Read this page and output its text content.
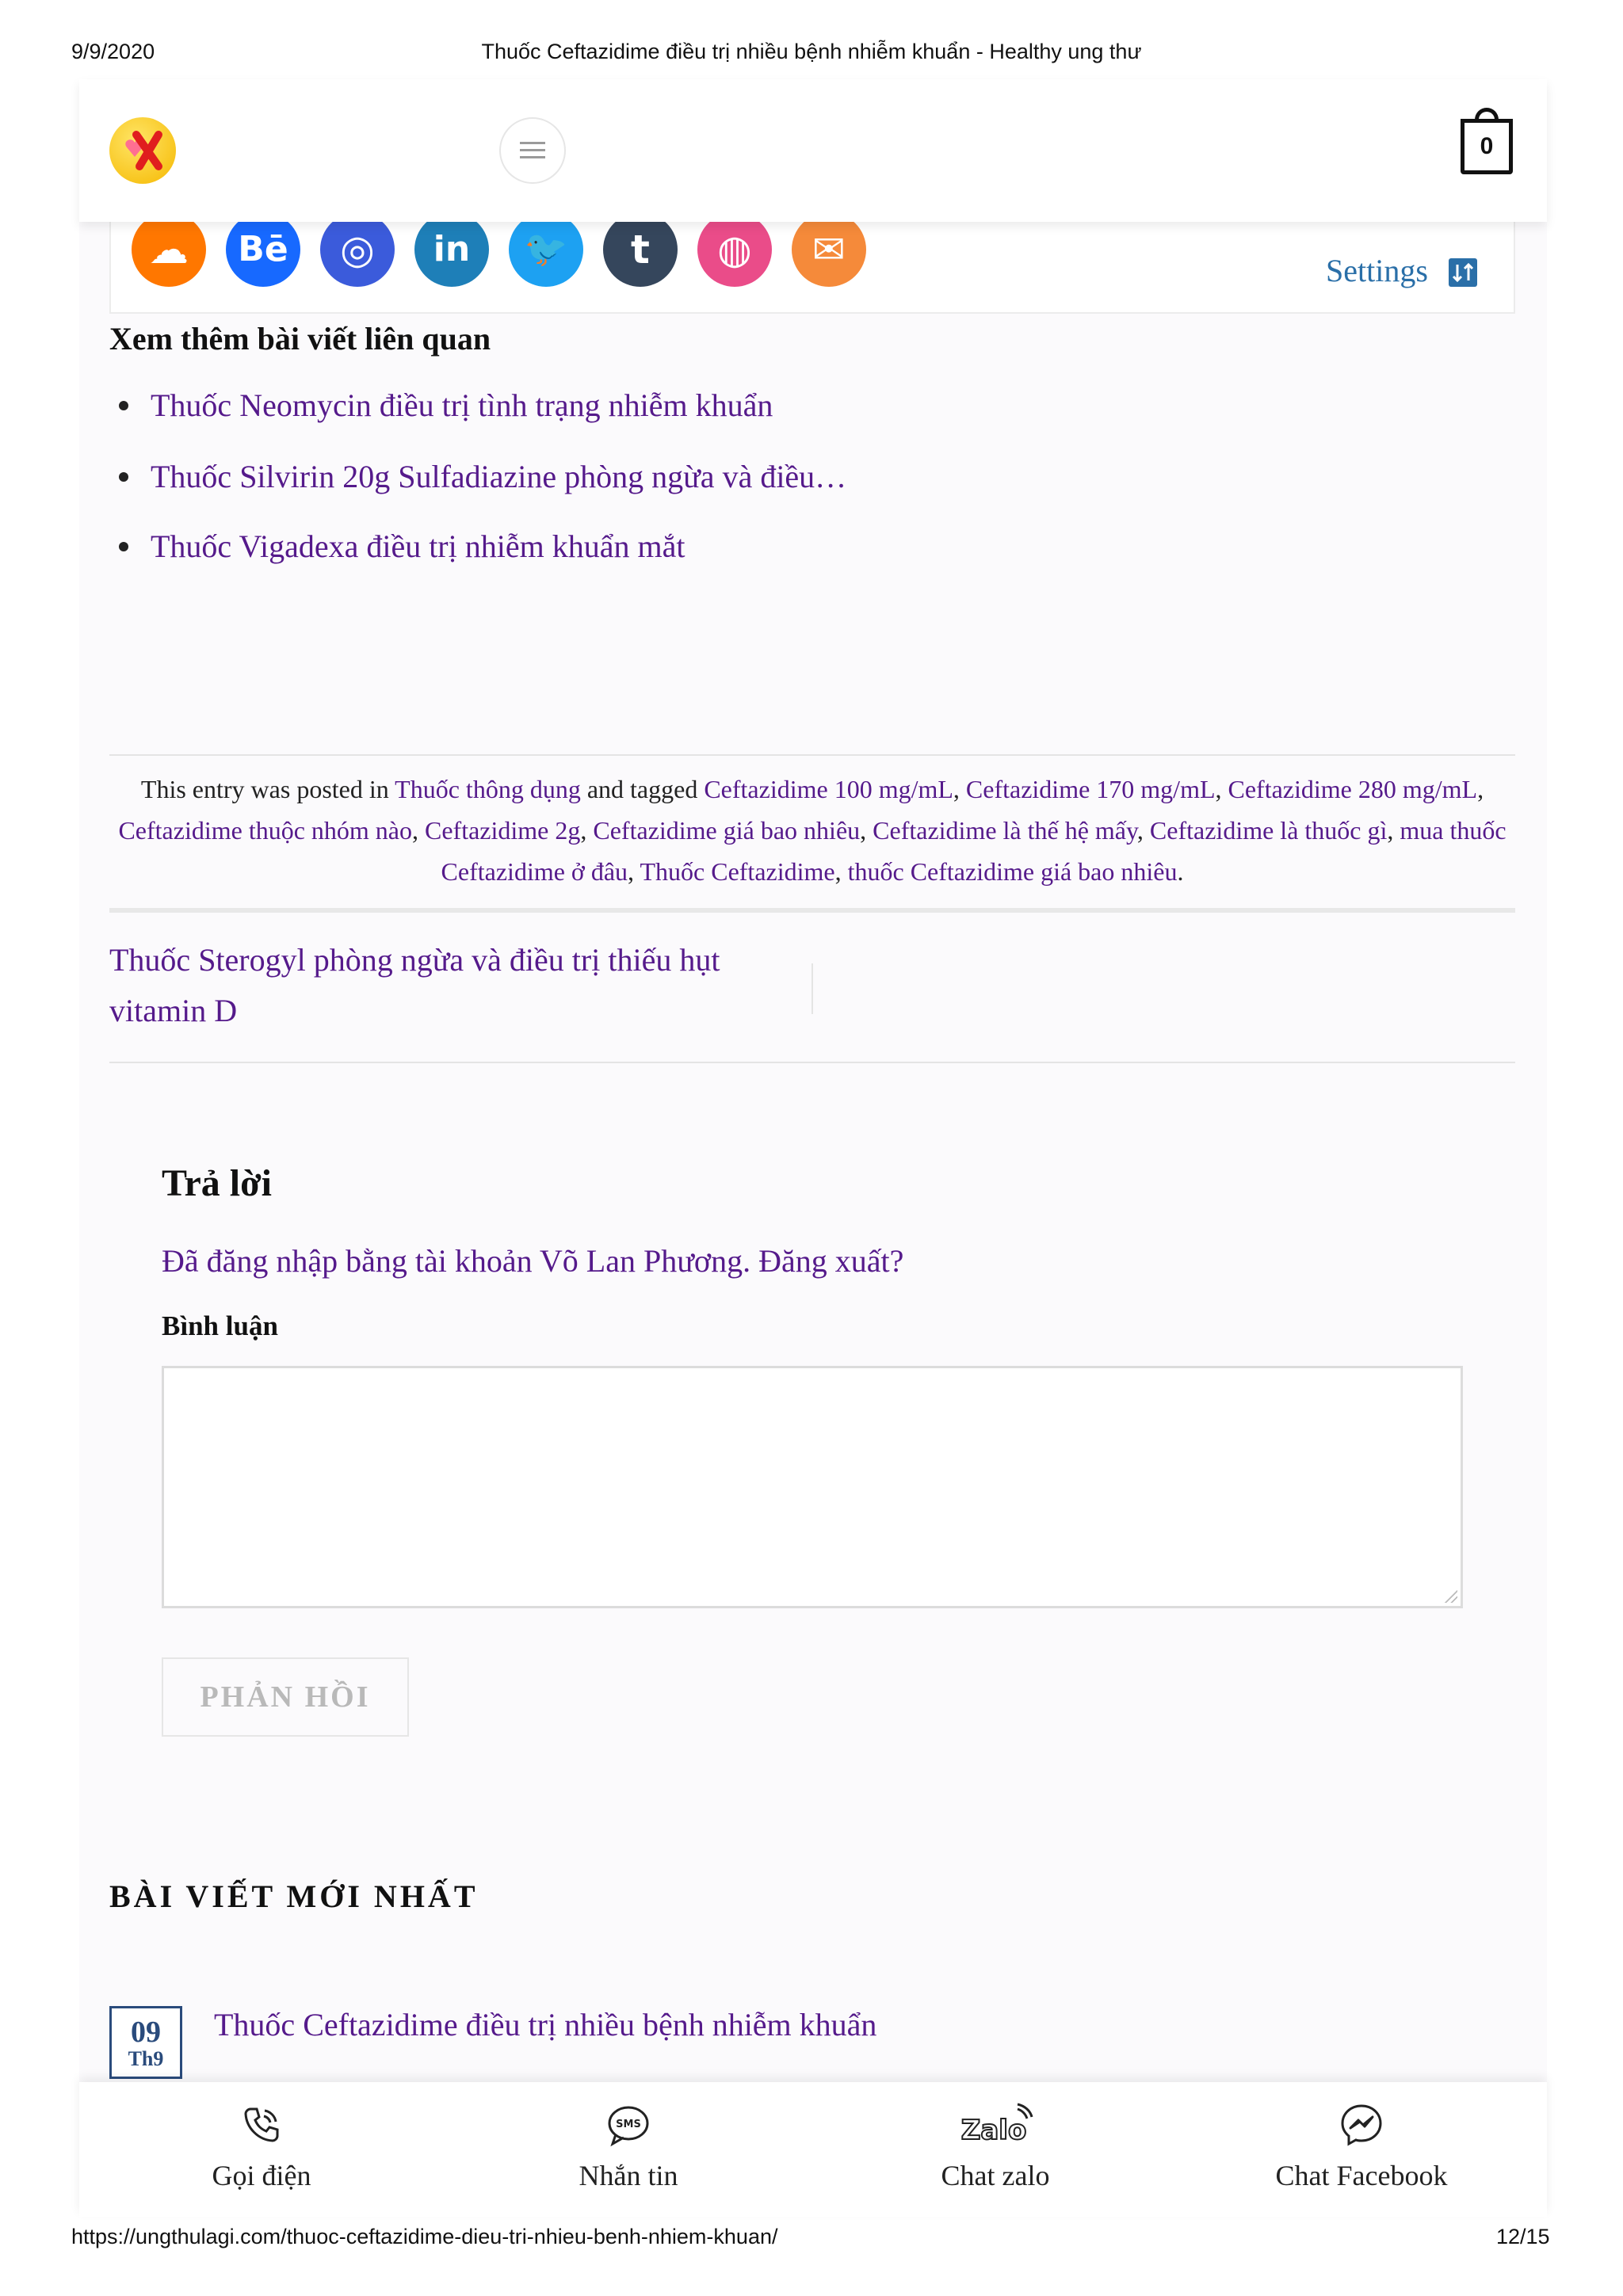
9/9/2020	Thuốc Ceftazidime điều trị nhiều bệnh nhiễm khuẩn - Healthy ung thư
☁ Bē ◎ in 🐦 t ◍ ✉	Settings
0
Xem thêm bài viết liên quan
Thuốc Neomycin điều trị tình trạng nhiễm khuẩn
Thuốc Silvirin 20g Sulfadiazine phòng ngừa và điều…
Thuốc Vigadexa điều trị nhiễm khuẩn mắt
This entry was posted in Thuốc thông dụng and tagged Ceftazidime 100 mg/mL, Ceftazidime 170 mg/mL, Ceftazidime 280 mg/mL, Ceftazidime thuộc nhóm nào, Ceftazidime 2g, Ceftazidime giá bao nhiêu, Ceftazidime là thế hệ mấy, Ceftazidime là thuốc gì, mua thuốc Ceftazidime ở đâu, Thuốc Ceftazidime, thuốc Ceftazidime giá bao nhiêu.
Thuốc Sterogyl phòng ngừa và điều trị thiếu hụt vitamin D
Trả lời
Đã đăng nhập bằng tài khoản Võ Lan Phương. Đăng xuất?
Bình luận
PHẢN HỒI
BÀI VIẾT MỚI NHẤT
09
Th9
Thuốc Ceftazidime điều trị nhiều bệnh nhiễm khuẩn
Gọi điện
SMS
Nhắn tin
Zalo
Chat zalo	Chat Facebook
https://ungthulagi.com/thuoc-ceftazidime-dieu-tri-nhieu-benh-nhiem-khuan/	12/15
